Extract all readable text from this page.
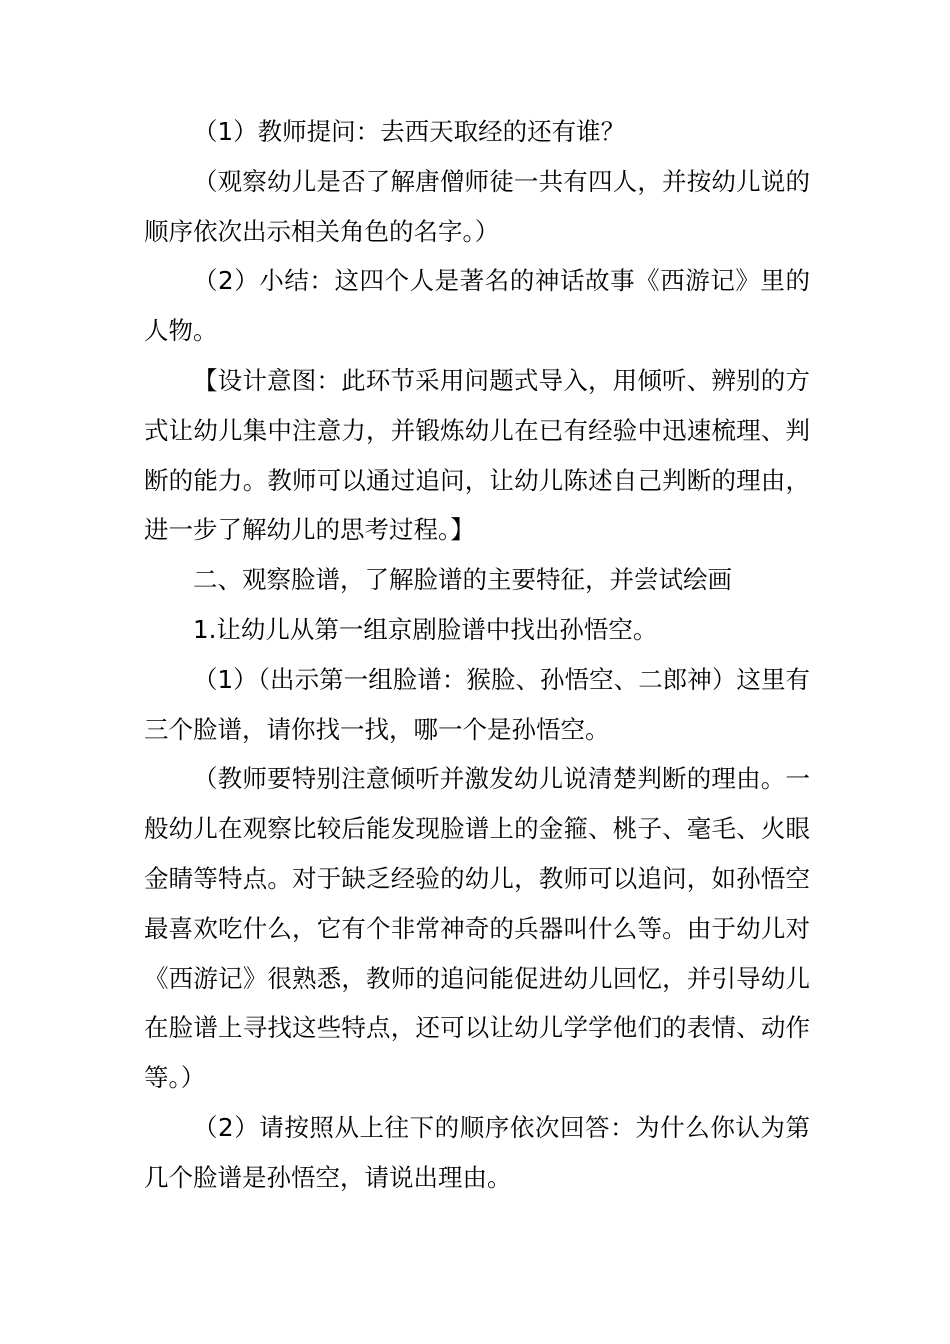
（1）教师提问：去西天取经的还有谁？

（观察幼儿是否了解唐僧师徒一共有四人，并按幼儿说的顺序依次出示相关角色的名字。）

（2）小结：这四个人是著名的神话故事《西游记》里的人物。

【设计意图：此环节采用问题式导入，用倾听、辨别的方式让幼儿集中注意力，并锻炼幼儿在已有经验中迅速梳理、判断的能力。教师可以通过追问，让幼儿陈述自己判断的理由，进一步了解幼儿的思考过程。】

二、观察脸谱，了解脸谱的主要特征，并尝试绘画

1.让幼儿从第一组京剧脸谱中找出孙悟空。

（1）（出示第一组脸谱：猴脸、孙悟空、二郎神）这里有三个脸谱，请你找一找，哪一个是孙悟空。

（教师要特别注意倾听并激发幼儿说清楚判断的理由。一般幼儿在观察比较后能发现脸谱上的金箍、桃子、毫毛、火眼金睛等特点。对于缺乏经验的幼儿，教师可以追问，如孙悟空最喜欢吃什么，它有个非常神奇的兵器叫什么等。由于幼儿对《西游记》很熟悉，教师的追问能促进幼儿回忆，并引导幼儿在脸谱上寻找这些特点，还可以让幼儿学学他们的表情、动作等。）

（2）请按照从上往下的顺序依次回答：为什么你认为第几个脸谱是孙悟空，请说出理由。
